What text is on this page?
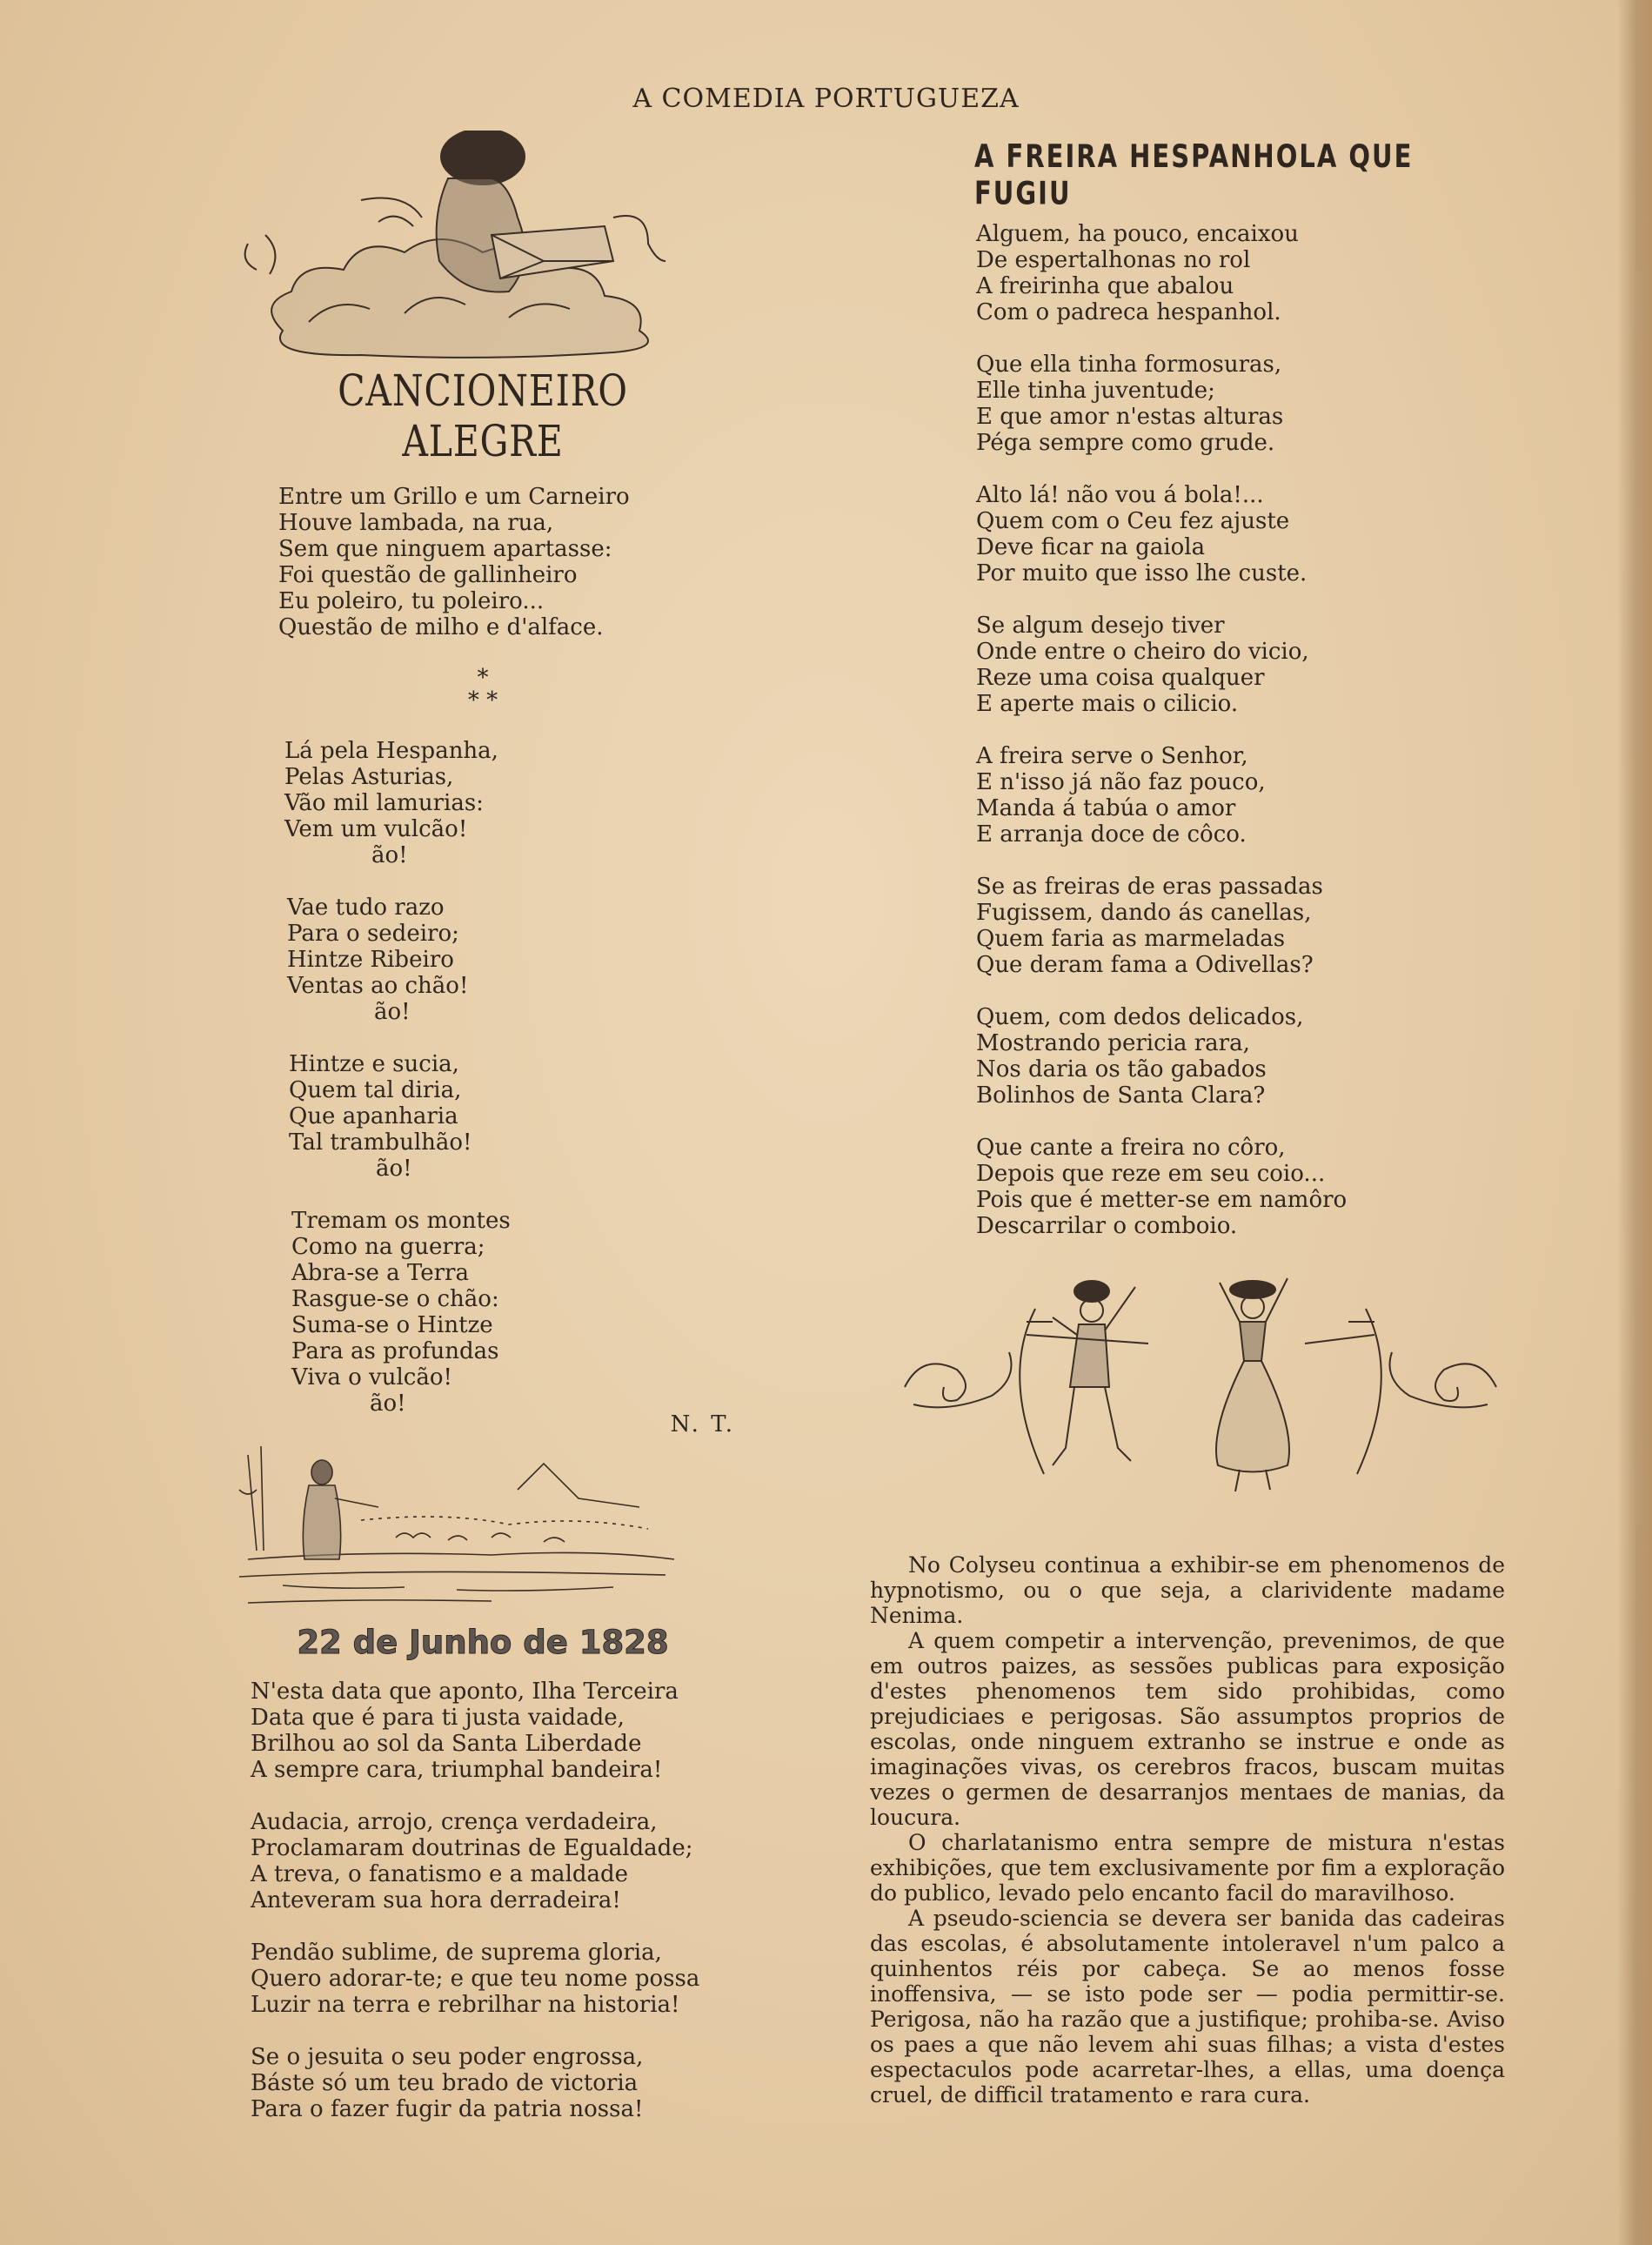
A COMEDIA PORTUGUEZA
CANCIONEIRO ALEGRE
Entre um Grillo e um Carneiro
Houve lambada, na rua,
Sem que ninguem apartasse:
Foi questão de gallinheiro
Eu poleiro, tu poleiro...
Questão de milho e d'alface.
*
* *
Lá pela Hespanha,
Pelas Asturias,
Vão mil lamurias:
Vem um vulcão!
ão!
Vae tudo razo
Para o sedeiro;
Hintze Ribeiro
Ventas ao chão!
ão!
Hintze e sucia,
Quem tal diria,
Que apanharia
Tal trambulhão!
ão!
Tremam os montes
Como na guerra;
Abra-se a Terra
Rasgue-se o chão:
Suma-se o Hintze
Para as profundas
Viva o vulcão!
ão!
N. T.
22 de Junho de 1828
N'esta data que aponto, Ilha Terceira
Data que é para ti justa vaidade,
Brilhou ao sol da Santa Liberdade
A sempre cara, triumphal bandeira!
Audacia, arrojo, crença verdadeira,
Proclamaram doutrinas de Egualdade;
A treva, o fanatismo e a maldade
Anteveram sua hora derradeira!
Pendão sublime, de suprema gloria,
Quero adorar-te; e que teu nome possa
Luzir na terra e rebrilhar na historia!
Se o jesuita o seu poder engrossa,
Báste só um teu brado de victoria
Para o fazer fugir da patria nossa!
A FREIRA HESPANHOLA QUE FUGIU
Alguem, ha pouco, encaixou
De espertalhonas no rol
A freirinha que abalou
Com o padreca hespanhol.
Que ella tinha formosuras,
Elle tinha juventude;
E que amor n'estas alturas
Péga sempre como grude.
Alto lá! não vou á bola!...
Quem com o Ceu fez ajuste
Deve ficar na gaiola
Por muito que isso lhe custe.
Se algum desejo tiver
Onde entre o cheiro do vicio,
Reze uma coisa qualquer
E aperte mais o cilicio.
A freira serve o Senhor,
E n'isso já não faz pouco,
Manda á tabúa o amor
E arranja doce de côco.
Se as freiras de eras passadas
Fugissem, dando ás canellas,
Quem faria as marmeladas
Que deram fama a Odivellas?
Quem, com dedos delicados,
Mostrando pericia rara,
Nos daria os tão gabados
Bolinhos de Santa Clara?
Que cante a freira no côro,
Depois que reze em seu coio...
Pois que é metter-se em namôro
Descarrilar o comboio.

No Colyseu continua a exhibir-se em phenomenos de hypnotismo, ou o que seja, a clarividente madame Nenima.

A quem competir a intervenção, prevenimos, de que em outros paizes, as sessões publicas para exposição d'estes phenomenos tem sido prohibidas, como prejudiciaes e perigosas. São assumptos proprios de escolas, onde ninguem extranho se instrue e onde as imaginações vivas, os cerebros fracos, buscam muitas vezes o germen de desarranjos mentaes de manias, da loucura.

O charlatanismo entra sempre de mistura n'estas exhibições, que tem exclusivamente por fim a exploração do publico, levado pelo encanto facil do maravilhoso.

A pseudo-sciencia se devera ser banida das cadeiras das escolas, é absolutamente intoleravel n'um palco a quinhentos réis por cabeça. Se ao menos fosse inoffensiva, — se isto pode ser — podia permittir-se. Perigosa, não ha razão que a justifique; prohiba-se. Aviso os paes a que não levem ahi suas filhas; a vista d'estes espectaculos pode acarretar-lhes, a ellas, uma doença cruel, de difficil tratamento e rara cura.
